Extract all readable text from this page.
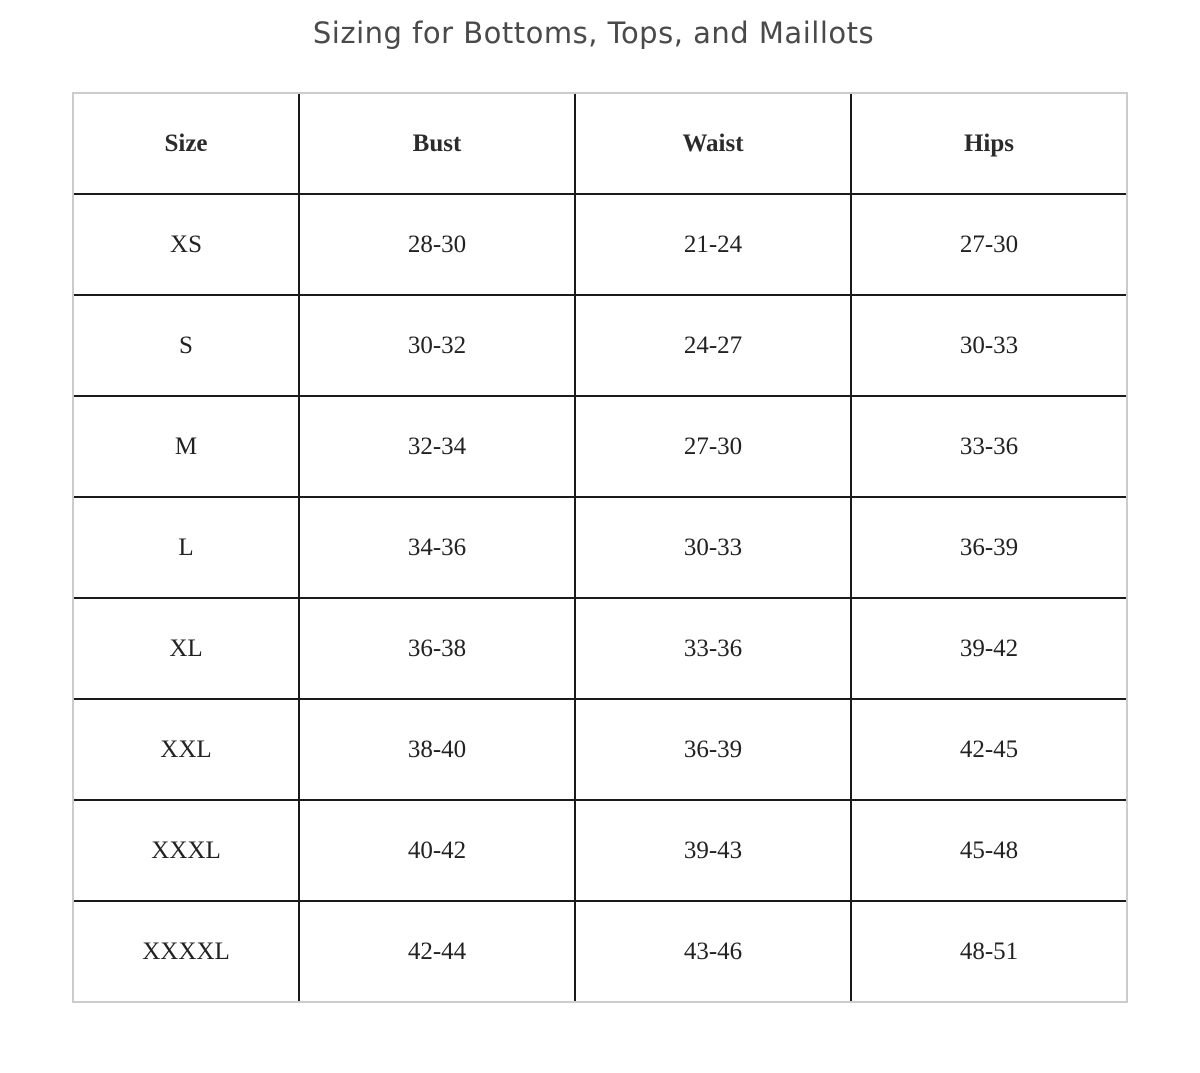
Sizing for Bottoms, Tops, and Maillots
Size	Bust	Waist	Hips
XS	28-30	21-24	27-30
S	30-32	24-27	30-33
M	32-34	27-30	33-36
L	34-36	30-33	36-39
XL	36-38	33-36	39-42
XXL	38-40	36-39	42-45
XXXL	40-42	39-43	45-48
XXXXL	42-44	43-46	48-51
